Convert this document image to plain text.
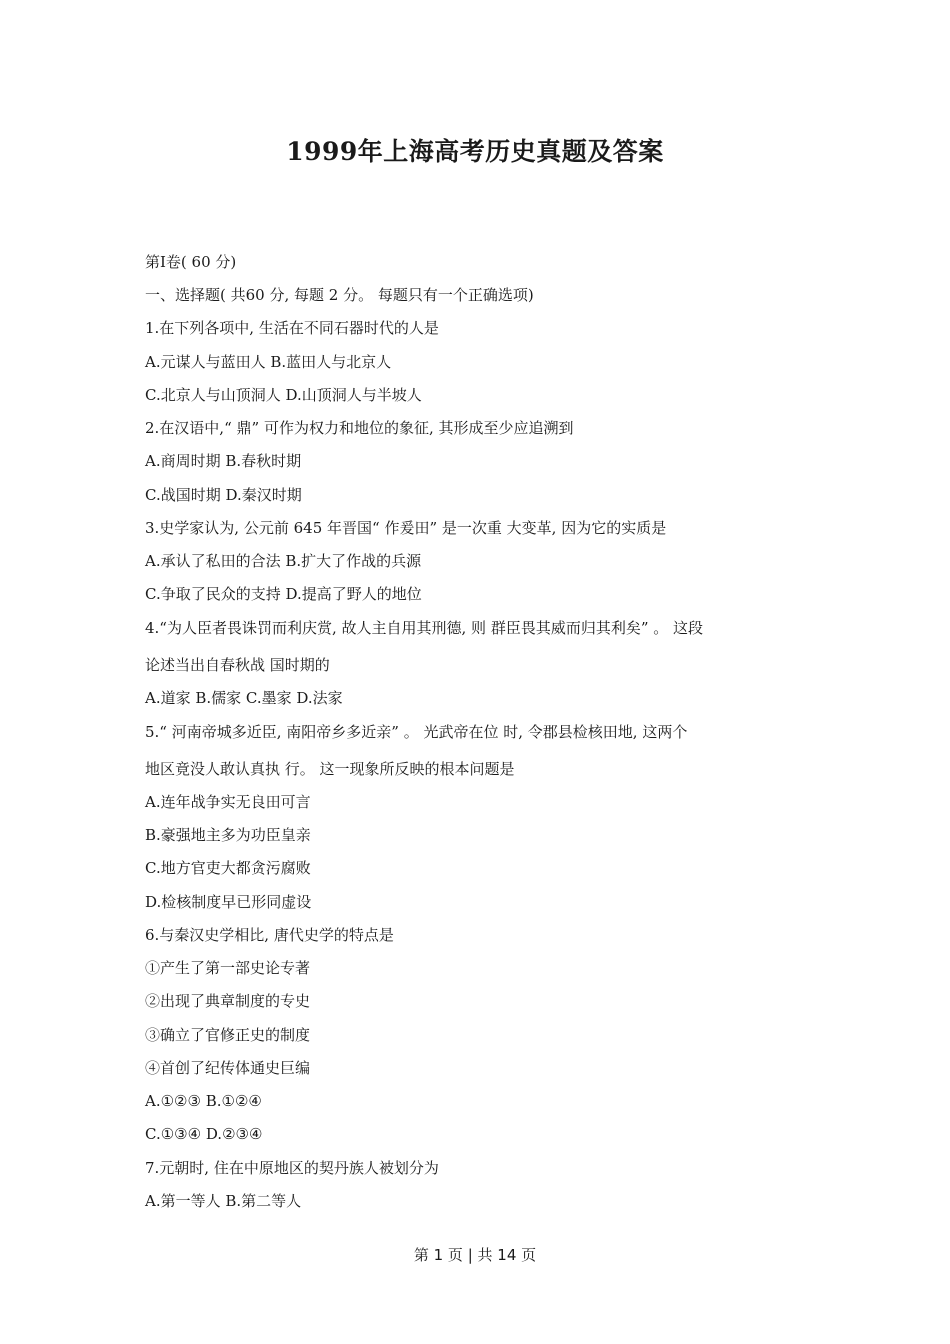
1999年上海高考历史真题及答案
第Ⅰ卷( 60 分)
一、选择题( 共60 分, 每题 2 分。 每题只有一个正确选项)
1.在下列各项中, 生活在不同石器时代的人是
A.元谋人与蓝田人 B.蓝田人与北京人
C.北京人与山顶洞人 D.山顶洞人与半坡人
2.在汉语中,“ 鼎” 可作为权力和地位的象征, 其形成至少应追溯到
A.商周时期 B.春秋时期
C.战国时期 D.秦汉时期
3.史学家认为, 公元前 645 年晋国“ 作爰田” 是一次重 大变革, 因为它的实质是
A.承认了私田的合法 B.扩大了作战的兵源
C.争取了民众的支持 D.提高了野人的地位
4.“为人臣者畏诛罚而利庆赏, 故人主自用其刑德, 则 群臣畏其威而归其利矣” 。 这段
论述当出自春秋战 国时期的
A.道家 B.儒家 C.墨家 D.法家
5.“ 河南帝城多近臣, 南阳帝乡多近亲” 。 光武帝在位 时, 令郡县检核田地, 这两个
地区竟没人敢认真执 行。 这一现象所反映的根本问题是
A.连年战争实无良田可言
B.豪强地主多为功臣皇亲
C.地方官吏大都贪污腐败
D.检核制度早已形同虚设
6.与秦汉史学相比, 唐代史学的特点是
①产生了第一部史论专著
②出现了典章制度的专史
③确立了官修正史的制度
④首创了纪传体通史巨编
A.①②③ B.①②④
C.①③④ D.②③④
7.元朝时, 住在中原地区的契丹族人被划分为
A.第一等人 B.第二等人
第 1 页 | 共 14 页
